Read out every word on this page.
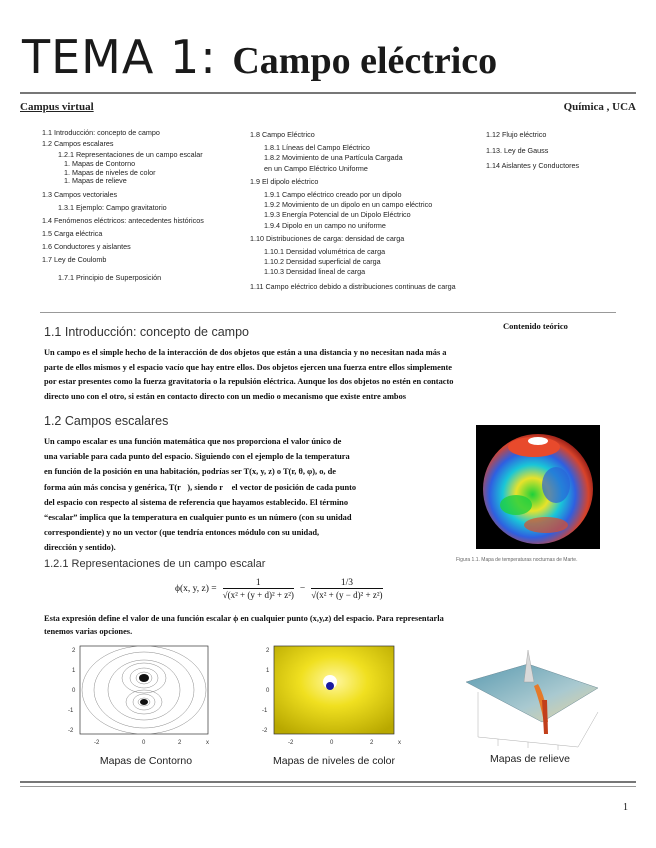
TEMA 1: Campo eléctrico
Campus virtual	Química , UCA
1.1 Introducción: concepto de campo
1.2 Campos escalares
1.2.1 Representaciones de un campo escalar
1. Mapas de Contorno
1. Mapas de niveles de color
1. Mapas de relieve
1.3 Campos vectoriales
1.3.1 Ejemplo: Campo gravitatorio
1.4 Fenómenos eléctricos: antecedentes históricos
1.5 Carga eléctrica
1.6 Conductores y aislantes
1.7 Ley de Coulomb
1.7.1 Principio de Superposición
1.8 Campo Eléctrico
1.8.1 Líneas del Campo Eléctrico
1.8.2 Movimiento de una Partícula Cargada
en un Campo Eléctrico Uniforme
1.9 El dipolo eléctrico
1.9.1 Campo eléctrico creado por un dipolo
1.9.2 Movimiento de un dipolo en un campo eléctrico
1.9.3 Energía Potencial de un Dipolo Eléctrico
1.9.4 Dipolo en un campo no uniforme
1.10 Distribuciones de carga: densidad de carga
1.10.1 Densidad volumétrica de carga
1.10.2 Densidad superficial de carga
1.10.3 Densidad lineal de carga
1.11 Campo eléctrico debido a distribuciones continuas de carga
1.12 Flujo eléctrico
1.13. Ley de Gauss
1.14 Aislantes y Conductores
1.1 Introducción: concepto de campo	Contenido teórico
Un campo es el simple hecho de la interacción de dos objetos que están a una distancia y no necesitan nada más a
parte de ellos mismos y el espacio vacío que hay entre ellos. Dos objetos ejercen una fuerza entre ellos simplemente
por estar presentes como la fuerza gravitatoria o la repulsión eléctrica. Aunque los dos objetos no estén en contacto
directo uno con el otro, si están en contacto directo con un medio o mecanismo que existe entre ambos
1.2 Campos escalares
Un campo escalar es una función matemática que nos proporciona el valor único de
una variable para cada punto del espacio. Siguiendo con el ejemplo de la temperatura
en función de la posición en una habitación, podrías ser T(x, y, z) o T(r, θ, φ), o, de
forma aún más concisa y genérica, T(r⃗), siendo r⃗ el vector de posición de cada punto
del espacio con respecto al sistema de referencia que hayamos establecido. El término
“escalar” implica que la temperatura en cualquier punto es un número (con su unidad
correspondiente) y no un vector (que tendría entonces módulo con su unidad,
dirección y sentido).
Figura 1.1. Mapa de temperaturas nocturnas de Marte.
1.2.1 Representaciones de un campo escalar
ϕ(x, y, $z) = \frac{1}{\text{√(x² + (y + d)² + z²)}} - \frac{1/3}{\text{√(x² + (y − d)² + z²)}}$
Esta expresión define el valor de una función escalar ϕ en cualquier punto (x,y,z) del espacio. Para representarla
tenemos varias opciones.
2
1
0
-1
-2
-2	0	2	x
Mapas de Contorno
2
1
0
-1
-2
-2	0	2	x
Mapas de niveles de color	Mapas de relieve
1
